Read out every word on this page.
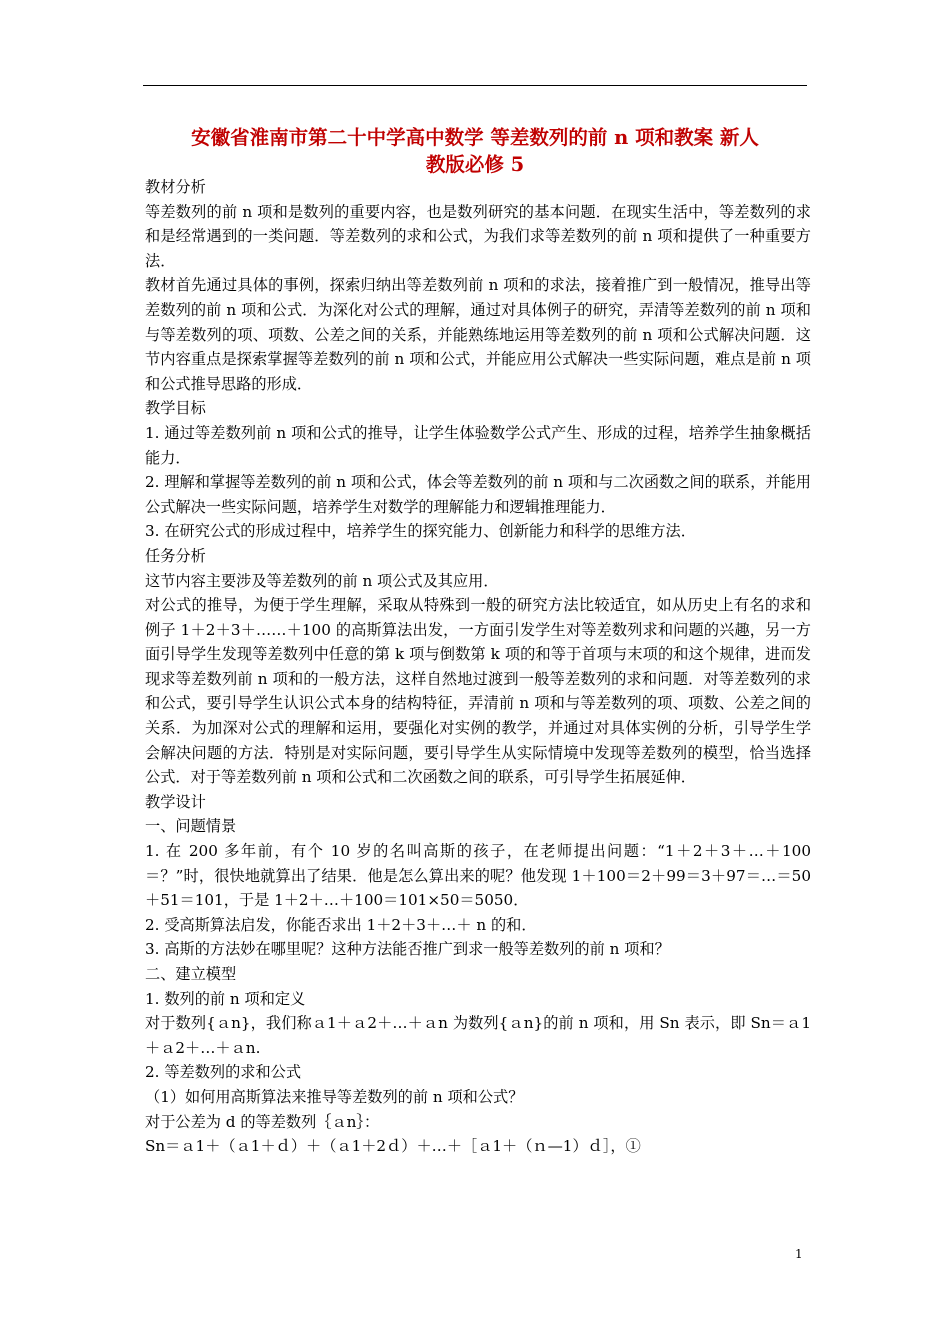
安徽省淮南市第二十中学高中数学 等差数列的前 n 项和教案 新人
教版必修 5

教材分析

等差数列的前 n 项和是数列的重要内容，也是数列研究的基本问题．在现实生活中，等差数列的求和是经常遇到的一类问题．等差数列的求和公式，为我们求等差数列的前 n 项和提供了一种重要方法．

教材首先通过具体的事例，探索归纳出等差数列前 n 项和的求法，接着推广到一般情况，推导出等差数列的前 n 项和公式．为深化对公式的理解，通过对具体例子的研究，弄清等差数列的前 n 项和与等差数列的项、项数、公差之间的关系，并能熟练地运用等差数列的前 n 项和公式解决问题．这节内容重点是探索掌握等差数列的前 n 项和公式，并能应用公式解决一些实际问题，难点是前 n 项和公式推导思路的形成．

教学目标

1. 通过等差数列前 n 项和公式的推导，让学生体验数学公式产生、形成的过程，培养学生抽象概括能力．

2. 理解和掌握等差数列的前 n 项和公式，体会等差数列的前 n 项和与二次函数之间的联系，并能用公式解决一些实际问题，培养学生对数学的理解能力和逻辑推理能力．

3. 在研究公式的形成过程中，培养学生的探究能力、创新能力和科学的思维方法．

任务分析

这节内容主要涉及等差数列的前 n 项公式及其应用．

对公式的推导，为便于学生理解，采取从特殊到一般的研究方法比较适宜，如从历史上有名的求和例子 1＋2＋3＋……＋100 的高斯算法出发，一方面引发学生对等差数列求和问题的兴趣，另一方面引导学生发现等差数列中任意的第 k 项与倒数第 k 项的和等于首项与末项的和这个规律，进而发现求等差数列前 n 项和的一般方法，这样自然地过渡到一般等差数列的求和问题．对等差数列的求和公式，要引导学生认识公式本身的结构特征，弄清前 n 项和与等差数列的项、项数、公差之间的关系．为加深对公式的理解和运用，要强化对实例的教学，并通过对具体实例的分析，引导学生学会解决问题的方法．特别是对实际问题，要引导学生从实际情境中发现等差数列的模型，恰当选择公式．对于等差数列前 n 项和公式和二次函数之间的联系，可引导学生拓展延伸．

教学设计

一、问题情景

1. 在 200 多年前，有个 10 岁的名叫高斯的孩子，在老师提出问题：“1＋2＋3＋…＋100＝？”时，很快地就算出了结果．他是怎么算出来的呢？他发现 1＋100＝2＋99＝3＋97＝…＝50＋51＝101，于是 1＋2＋…＋100＝101×50＝5050．

2. 受高斯算法启发，你能否求出 1＋2＋3＋…＋ n 的和．

3. 高斯的方法妙在哪里呢？这种方法能否推广到求一般等差数列的前 n 项和？

二、建立模型

1. 数列的前 n 项和定义

对于数列{ａn}，我们称ａ1＋ａ2＋…＋ａn 为数列{ａn}的前 n 项和，用 Sn 表示，即 Sn＝ａ1＋ａ2＋…＋ａn.

2. 等差数列的求和公式

（1）如何用高斯算法来推导等差数列的前 n 项和公式？

对于公差为 d 的等差数列｛ａn｝：

Sn＝ａ1＋（ａ1＋ｄ）＋（ａ1＋2ｄ）＋…＋［ａ1＋（ｎ—1）ｄ］，①

1
